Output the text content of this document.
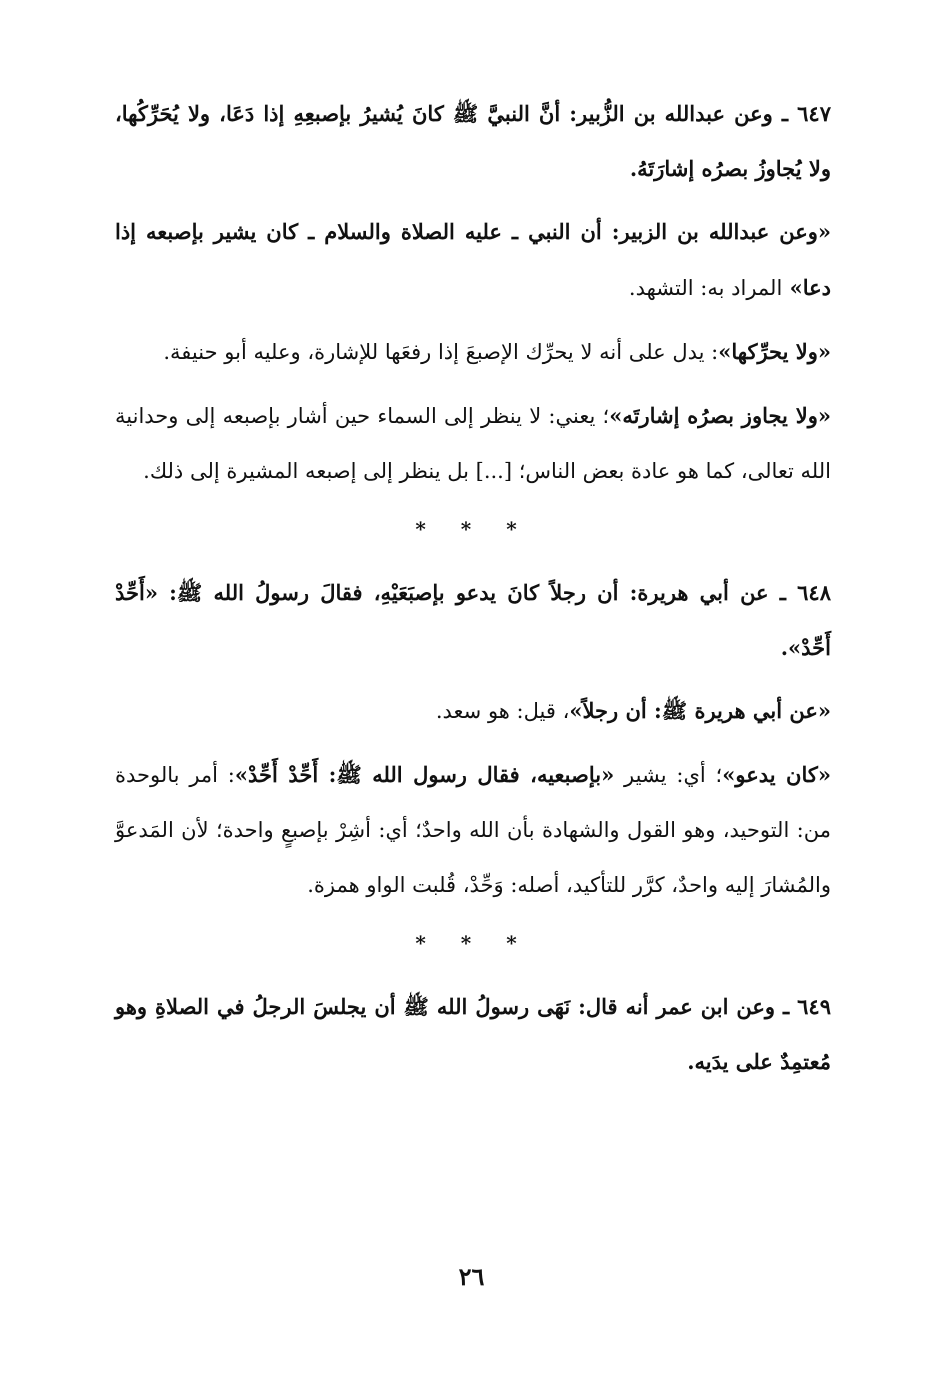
٦٤٧ ـ وعن عبدالله بن الزُّبير: أنَّ النبيَّ ﷺ كانَ يُشيرُ بإصبعِهِ إذا دَعَا، ولا يُحَرِّكُها، ولا يُجاوزُ بصرُه إشارَتَهُ.

«وعن عبدالله بن الزبير: أن النبي ـ عليه الصلاة والسلام ـ كان يشير بإصبعه إذا دعا» المراد به: التشهد.

«ولا يحرِّكها»: يدل على أنه لا يحرِّك الإصبعَ إذا رفعَها للإشارة، وعليه أبو حنيفة.

«ولا يجاوز بصرُه إشارتَه»؛ يعني: لا ينظر إلى السماء حين أشار بإصبعه إلى وحدانية الله تعالى، كما هو عادة بعض الناس؛ [...] بل ينظر إلى إصبعه المشيرة إلى ذلك.

* * *

٦٤٨ ـ عن أبي هريرة: أن رجلاً كانَ يدعو بإصبَعَيْهِ، فقالَ رسولُ الله ﷺ: «أَحِّدْ أَحِّدْ».

«عن أبي هريرة ﷺ: أن رجلاً»، قيل: هو سعد.

«كان يدعو»؛ أي: يشير «بإصبعيه، فقال رسول الله ﷺ: أَحِّدْ أَحِّدْ»: أمر بالوحدة من: التوحيد، وهو القول والشهادة بأن الله واحدٌ؛ أي: أشِرْ بإصبعٍ واحدة؛ لأن المَدعوَّ والمُشارَ إليه واحدٌ، كرَّر للتأكيد، أصله: وَحِّدْ، قُلبت الواو همزة.

* * *

٦٤٩ ـ وعن ابن عمر أنه قال: نَهَى رسولُ الله ﷺ أن يجلسَ الرجلُ في الصلاةِ وهو مُعتمِدٌ على يدَيه.

٢٦
